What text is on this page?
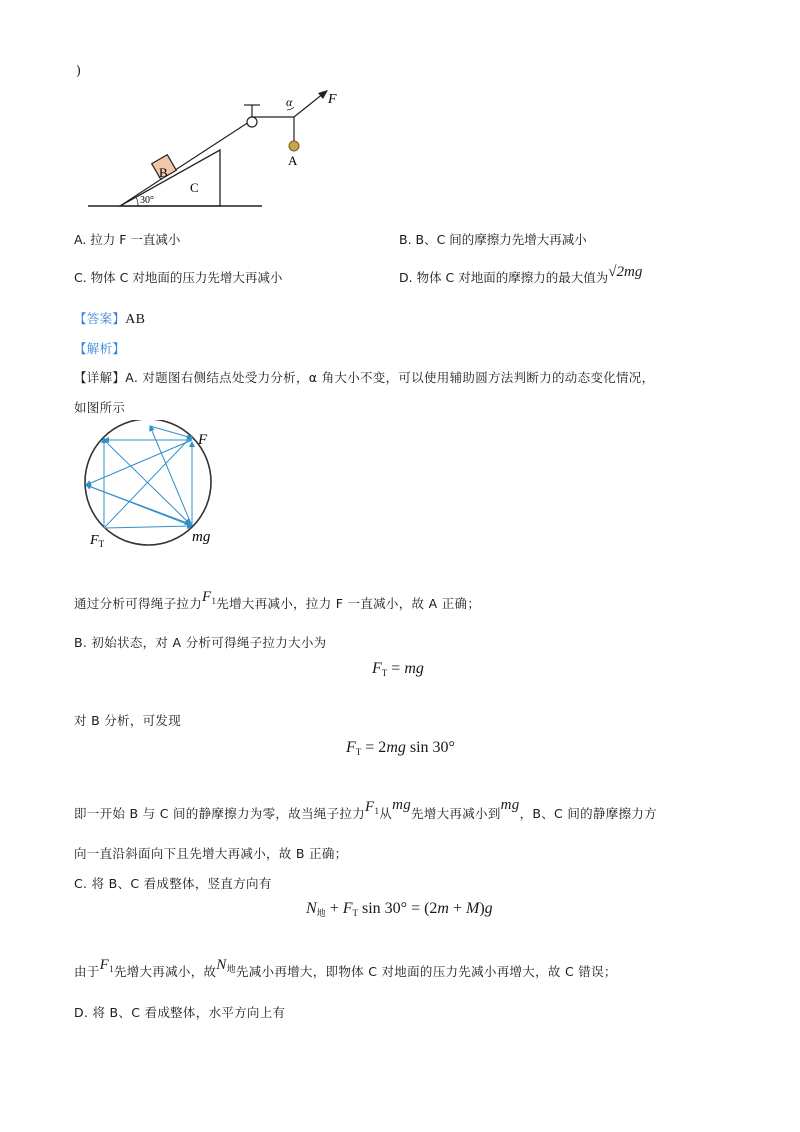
)
α	F
A
B
C
30°
A. 拉力 F 一直减小	B. B、C 间的摩擦力先增大再减小
C. 物体 C 对地面的压力先增大再减小	D. 物体 C 对地面的摩擦力的最大值为√2mg
【答案】AB
【解析】
【详解】A. 对题图右侧结点处受力分析，α 角大小不变，可以使用辅助圆方法判断力的动态变化情况，
如图所示
F
$F_T$	mg
通过分析可得绳子拉力$F_1$先增大再减小，拉力 F 一直减小，故 A 正确；
B. 初始状态，对 A 分析可得绳子拉力大小为
$F_T$ = mg
对 B 分析，可发现
$F_T = 2mg$ sin 30°
即一开始 B 与 C 间的静摩擦力为零，故当绳子拉力$F_1$从mg先增大再减小到mg，B、C 间的静摩擦力方
向一直沿斜面向下且先增大再减小，故 B 正确；
C. 将 B、C 看成整体，竖直方向有
$N_地 + F_T$ sin 30° = (2m + M)g
由于$F_1$先增大再减小，故$N_地$先减小再增大，即物体 C 对地面的压力先减小再增大，故 C 错误；
D. 将 B、C 看成整体，水平方向上有
